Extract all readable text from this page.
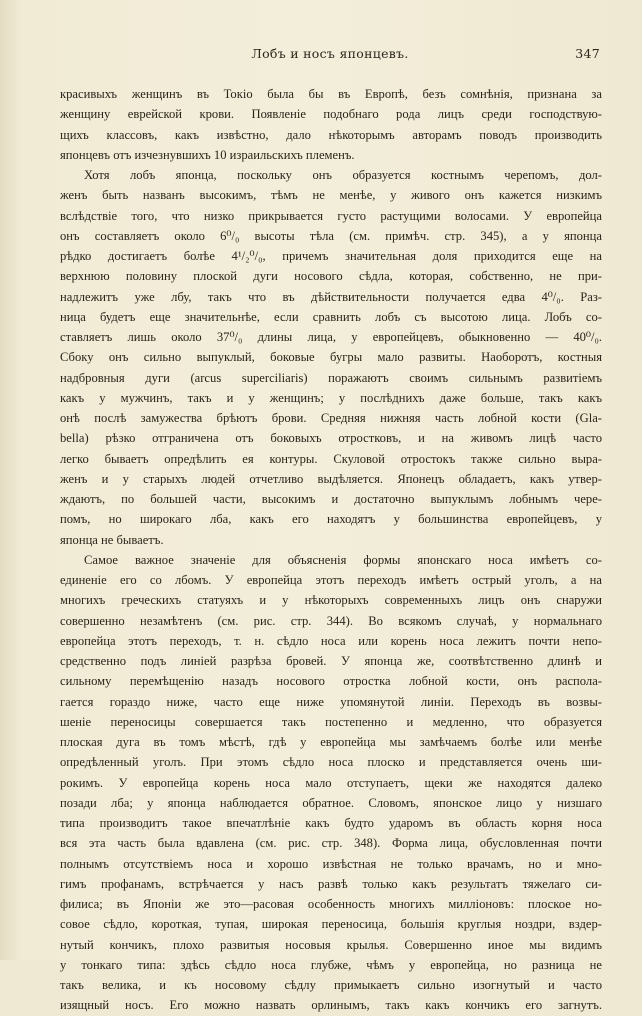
Лобъ и носъ японцевъ.	347

красивыхъ женщинъ въ Токіо была бы въ Европѣ, безъ сомнѣнія, признана за
женщину еврейской крови. Появленіе подобнаго рода лицъ среди господствую-
щихъ классовъ, какъ извѣстно, дало нѣкоторымъ авторамъ поводъ производить
японцевъ отъ изчезнувшихъ 10 израильскихъ племенъ.

Хотя лобъ японца, поскольку онъ образуется костнымъ черепомъ, дол-
женъ быть названъ высокимъ, тѣмъ не менѣе, у живого онъ кажется низкимъ
вслѣдствіе того, что низко прикрывается густо растущими волосами. У европейца
онъ составляетъ около 6⁰/₀ высоты тѣла (см. примѣч. стр. 345), а у японца
рѣдко достигаетъ болѣе 4¹/₂⁰/₀, причемъ значительная доля приходится еще на
верхнюю половину плоской дуги носового сѣдла, которая, собственно, не при-
надлежитъ уже лбу, такъ что въ дѣйствительности получается едва 4⁰/₀. Раз-
ница будетъ еще значительнѣе, если сравнить лобъ съ высотою лица. Лобъ со-
ставляетъ лишь около 37⁰/₀ длины лица, у европейцевъ, обыкновенно — 40⁰/₀.
Сбоку онъ сильно выпуклый, боковые бугры мало развиты. Наоборотъ, костныя
надбровныя дуги (arcus supercilіaris) поражаютъ своимъ сильнымъ развитіемъ
какъ у мужчинъ, такъ и у женщинъ; у послѣднихъ даже больше, такъ какъ
онѣ послѣ замужества брѣютъ брови. Средняя нижняя часть лобной кости (Gla-
bella) рѣзко отграничена отъ боковыхъ отростковъ, и на живомъ лицѣ часто
легко бываетъ опредѣлить ея контуры. Скуловой отростокъ также сильно выра-
женъ и у старыхъ людей отчетливо выдѣляется. Японецъ обладаетъ, какъ утвер-
ждаютъ, по большей части, высокимъ и достаточно выпуклымъ лобнымъ чере-
помъ, но широкаго лба, какъ его находятъ у большинства европейцевъ, у
японца не бываетъ.

Самое важное значеніе для объясненія формы японскаго носа имѣетъ со-
единеніе его со лбомъ. У европейца этотъ переходъ имѣетъ острый уголъ, а на
многихъ греческихъ статуяхъ и у нѣкоторыхъ современныхъ лицъ онъ снаружи
совершенно незамѣтенъ (см. рис. стр. 344). Во всякомъ случаѣ, у нормальнаго
европейца этотъ переходъ, т. н. сѣдло носа или корень носа лежитъ почти непо-
средственно подъ линіей разрѣза бровей. У японца же, соотвѣтственно длинѣ и
сильному перемѣщенію назадъ носового отростка лобной кости, онъ распола-
гается гораздо ниже, часто еще ниже упомянутой линіи. Переходъ въ возвы-
шеніе переносицы совершается такъ постепенно и медленно, что образуется
плоская дуга въ томъ мѣстѣ, гдѣ у европейца мы замѣчаемъ болѣе или менѣе
опредѣленный уголъ. При этомъ сѣдло носа плоско и представляется очень ши-
рокимъ. У европейца корень носа мало отступаетъ, щеки же находятся далеко
позади лба; у японца наблюдается обратное. Словомъ, японское лицо у низшаго
типа производитъ такое впечатлѣніе какъ будто ударомъ въ область корня носа
вся эта часть была вдавлена (см. рис. стр. 348). Форма лица, обусловленная почти
полнымъ отсутствіемъ носа и хорошо извѣстная не только врачамъ, но и мно-
гимъ профанамъ, встрѣчается у насъ развѣ только какъ результатъ тяжелаго си-
филиса; въ Японіи же это—расовая особенность многихъ милліоновъ: плоское но-
совое сѣдло, короткая, тупая, широкая переносица, большія круглыя ноздри, вздер-
нутый кончикъ, плохо развитыя носовыя крылья. Совершенно иное мы видимъ
у тонкаго типа: здѣсь сѣдло носа глубже, чѣмъ у европейца, но разница не
такъ велика, и къ носовому сѣдлу примыкаетъ сильно изогнутый и часто
изящный носъ. Его можно назвать орлинымъ, такъ какъ кончикъ его загнутъ.
